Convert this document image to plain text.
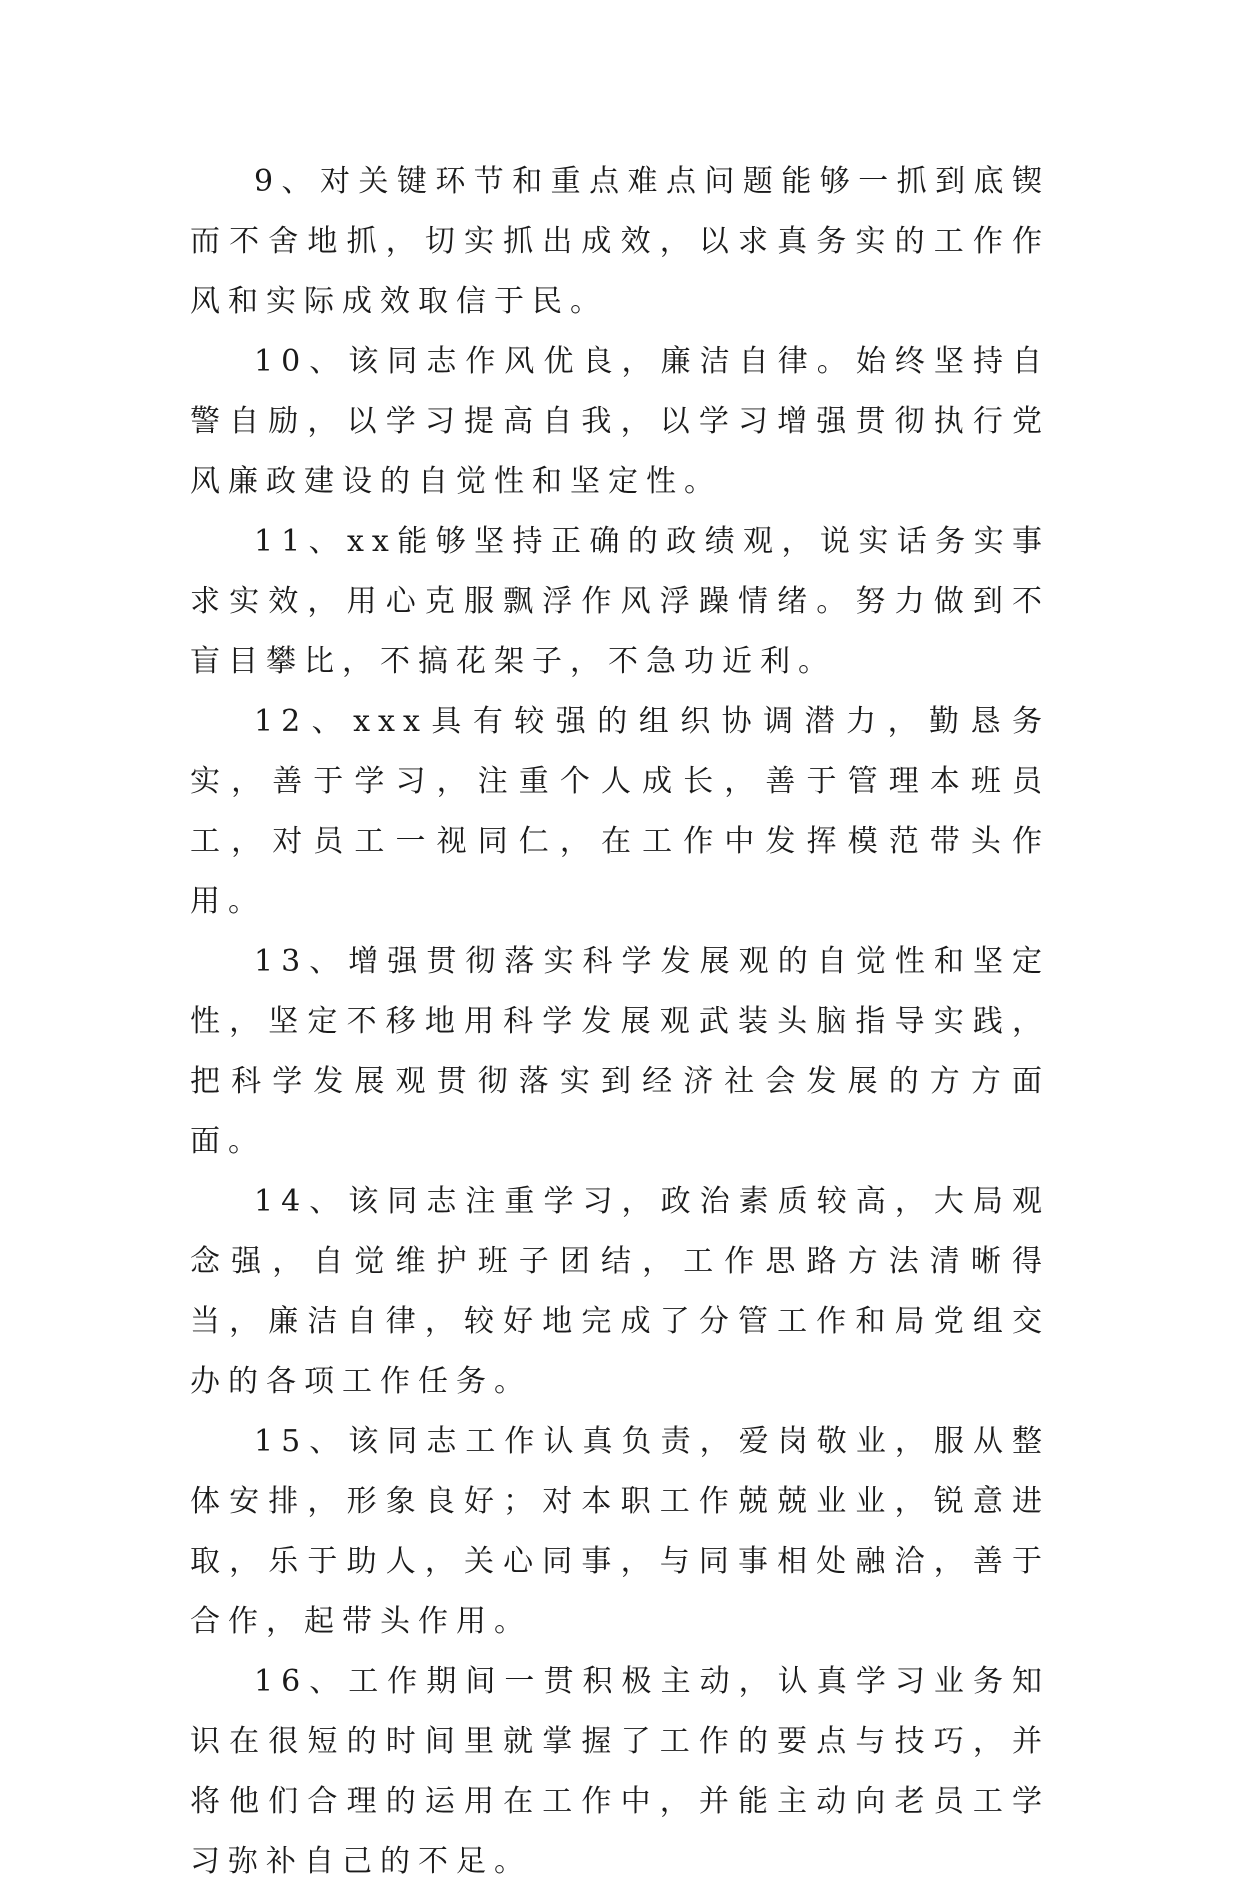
9、对关键环节和重点难点问题能够一抓到底锲而不舍地抓，切实抓出成效，以求真务实的工作作风和实际成效取信于民。

10、该同志作风优良，廉洁自律。始终坚持自警自励，以学习提高自我，以学习增强贯彻执行党风廉政建设的自觉性和坚定性。

11、xx能够坚持正确的政绩观，说实话务实事求实效，用心克服飘浮作风浮躁情绪。努力做到不盲目攀比，不搞花架子，不急功近利。

12、xxx具有较强的组织协调潜力，勤恳务实，善于学习，注重个人成长，善于管理本班员工，对员工一视同仁，在工作中发挥模范带头作用。

13、增强贯彻落实科学发展观的自觉性和坚定性，坚定不移地用科学发展观武装头脑指导实践，把科学发展观贯彻落实到经济社会发展的方方面面。

14、该同志注重学习，政治素质较高，大局观念强，自觉维护班子团结，工作思路方法清晰得当，廉洁自律，较好地完成了分管工作和局党组交办的各项工作任务。

15、该同志工作认真负责，爱岗敬业，服从整体安排，形象良好；对本职工作兢兢业业，锐意进取，乐于助人，关心同事，与同事相处融洽，善于合作，起带头作用。

16、工作期间一贯积极主动，认真学习业务知识在很短的时间里就掌握了工作的要点与技巧，并将他们合理的运用在工作中，并能主动向老员工学习弥补自己的不足。
